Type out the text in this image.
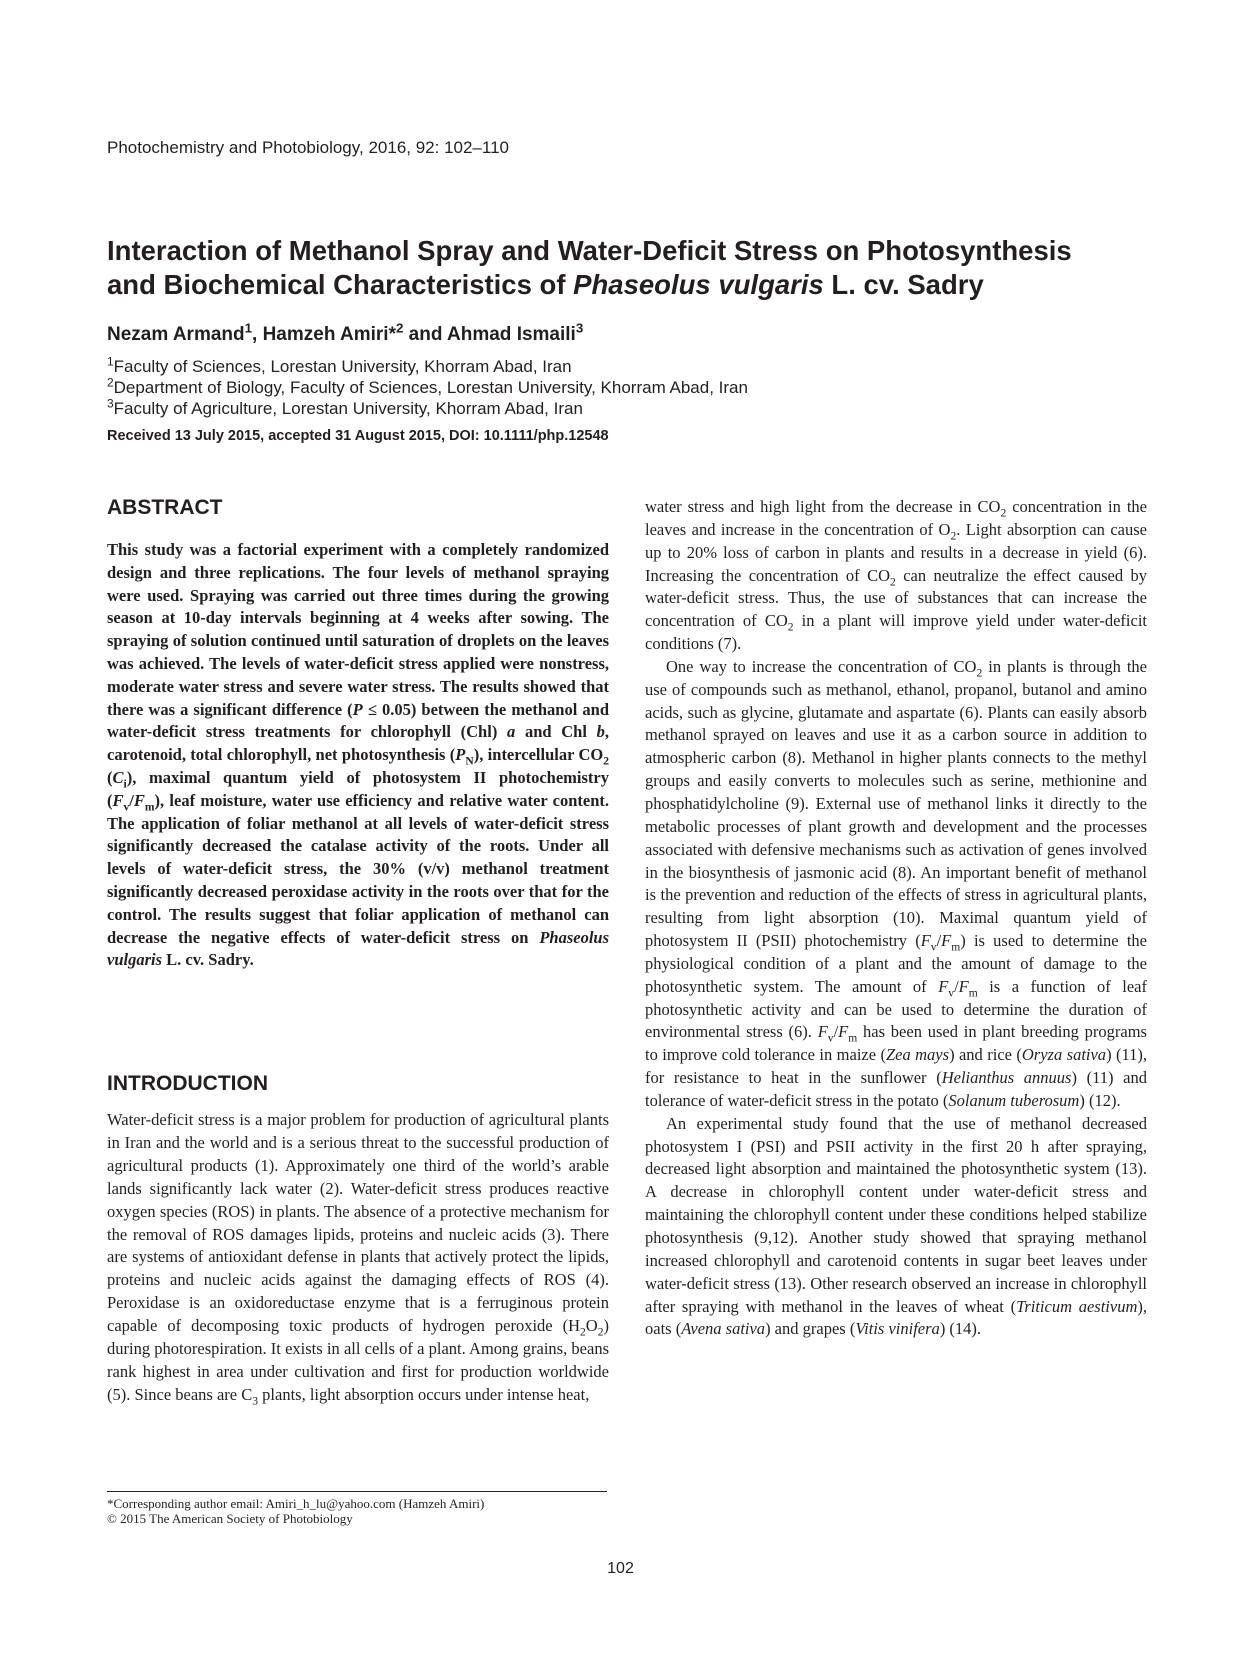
Photochemistry and Photobiology, 2016, 92: 102–110
Interaction of Methanol Spray and Water-Deficit Stress on Photosynthesis
and Biochemical Characteristics of Phaseolus vulgaris L. cv. Sadry
Nezam Armand$^1$, Hamzeh Amiri*$^2$ and Ahmad Ismaili$^3$
$^1$Faculty of Sciences, Lorestan University, Khorram Abad, Iran
$^2$Department of Biology, Faculty of Sciences, Lorestan University, Khorram Abad, Iran
$^3$Faculty of Agriculture, Lorestan University, Khorram Abad, Iran
Received 13 July 2015, accepted 31 August 2015, DOI: 10.1111/php.12548
ABSTRACT

This study was a factorial experiment with a completely randomized design and three replications. The four levels of methanol spraying were used. Spraying was carried out three times during the growing season at 10-day intervals beginning at 4 weeks after sowing. The spraying of solution continued until saturation of droplets on the leaves was achieved. The levels of water-deficit stress applied were nonstress, moderate water stress and severe water stress. The results showed that there was a significant difference (P ≤ 0.05) between the methanol and water-deficit stress treatments for chlorophyll (Chl) a and Chl b, carotenoid, total chlorophyll, net photosynthesis $(P_N)$, intercellular $CO_2$ $(C_i)$, maximal quantum yield of photosystem II photochemistry $(F_v/F_m)$, leaf moisture, water use efficiency and relative water content. The application of foliar methanol at all levels of water-deficit stress significantly decreased the catalase activity of the roots. Under all levels of water-deficit stress, the 30% (v/v) methanol treatment significantly decreased peroxidase activity in the roots over that for the control. The results suggest that foliar application of methanol can decrease the negative effects of water-deficit stress on Phaseolus vulgaris L. cv. Sadry.

INTRODUCTION

Water-deficit stress is a major problem for production of agricultural plants in Iran and the world and is a serious threat to the successful production of agricultural products (1). Approximately one third of the world’s arable lands significantly lack water (2). Water-deficit stress produces reactive oxygen species (ROS) in plants. The absence of a protective mechanism for the removal of ROS damages lipids, proteins and nucleic acids (3). There are systems of antioxidant defense in plants that actively protect the lipids, proteins and nucleic acids against the damaging effects of ROS (4). Peroxidase is an oxidoreductase enzyme that is a ferruginous protein capable of decomposing toxic products of hydrogen peroxide $(H_2O_2)$ during photorespiration. It exists in all cells of a plant. Among grains, beans rank highest in area under cultivation and first for production worldwide (5). Since beans are $C_3$ plants, light absorption occurs under intense heat,

water stress and high light from the decrease in $CO_2$ concentration in the leaves and increase in the concentration of $O_2$. Light absorption can cause up to 20% loss of carbon in plants and results in a decrease in yield (6). Increasing the concentration of $CO_2$ can neutralize the effect caused by water-deficit stress. Thus, the use of substances that can increase the concentration of $CO_2$ in a plant will improve yield under water-deficit conditions (7).

One way to increase the concentration of $CO_2$ in plants is through the use of compounds such as methanol, ethanol, propanol, butanol and amino acids, such as glycine, glutamate and aspartate (6). Plants can easily absorb methanol sprayed on leaves and use it as a carbon source in addition to atmospheric carbon (8). Methanol in higher plants connects to the methyl groups and easily converts to molecules such as serine, methionine and phosphatidylcholine (9). External use of methanol links it directly to the metabolic processes of plant growth and development and the processes associated with defensive mechanisms such as activation of genes involved in the biosynthesis of jasmonic acid (8). An important benefit of methanol is the prevention and reduction of the effects of stress in agricultural plants, resulting from light absorption (10). Maximal quantum yield of photosystem II (PSII) photochemistry $(F_v/F_m)$ is used to determine the physiological condition of a plant and the amount of damage to the photosynthetic system. The amount of $F_v/F_m$ is a function of leaf photosynthetic activity and can be used to determine the duration of environmental stress (6). $F_v/F_m$ has been used in plant breeding programs to improve cold tolerance in maize (Zea mays) and rice (Oryza sativa) (11), for resistance to heat in the sunflower (Helianthus annuus) (11) and tolerance of water-deficit stress in the potato (Solanum tuberosum) (12).

An experimental study found that the use of methanol decreased photosystem I (PSI) and PSII activity in the first 20 h after spraying, decreased light absorption and maintained the photosynthetic system (13). A decrease in chlorophyll content under water-deficit stress and maintaining the chlorophyll content under these conditions helped stabilize photosynthesis (9,12). Another study showed that spraying methanol increased chlorophyll and carotenoid contents in sugar beet leaves under water-deficit stress (13). Other research observed an increase in chlorophyll after spraying with methanol in the leaves of wheat (Triticum aestivum), oats (Avena sativa) and grapes (Vitis vinifera) (14).

*Corresponding author email: Amiri_h_lu@yahoo.com (Hamzeh Amiri)
© 2015 The American Society of Photobiology
102
